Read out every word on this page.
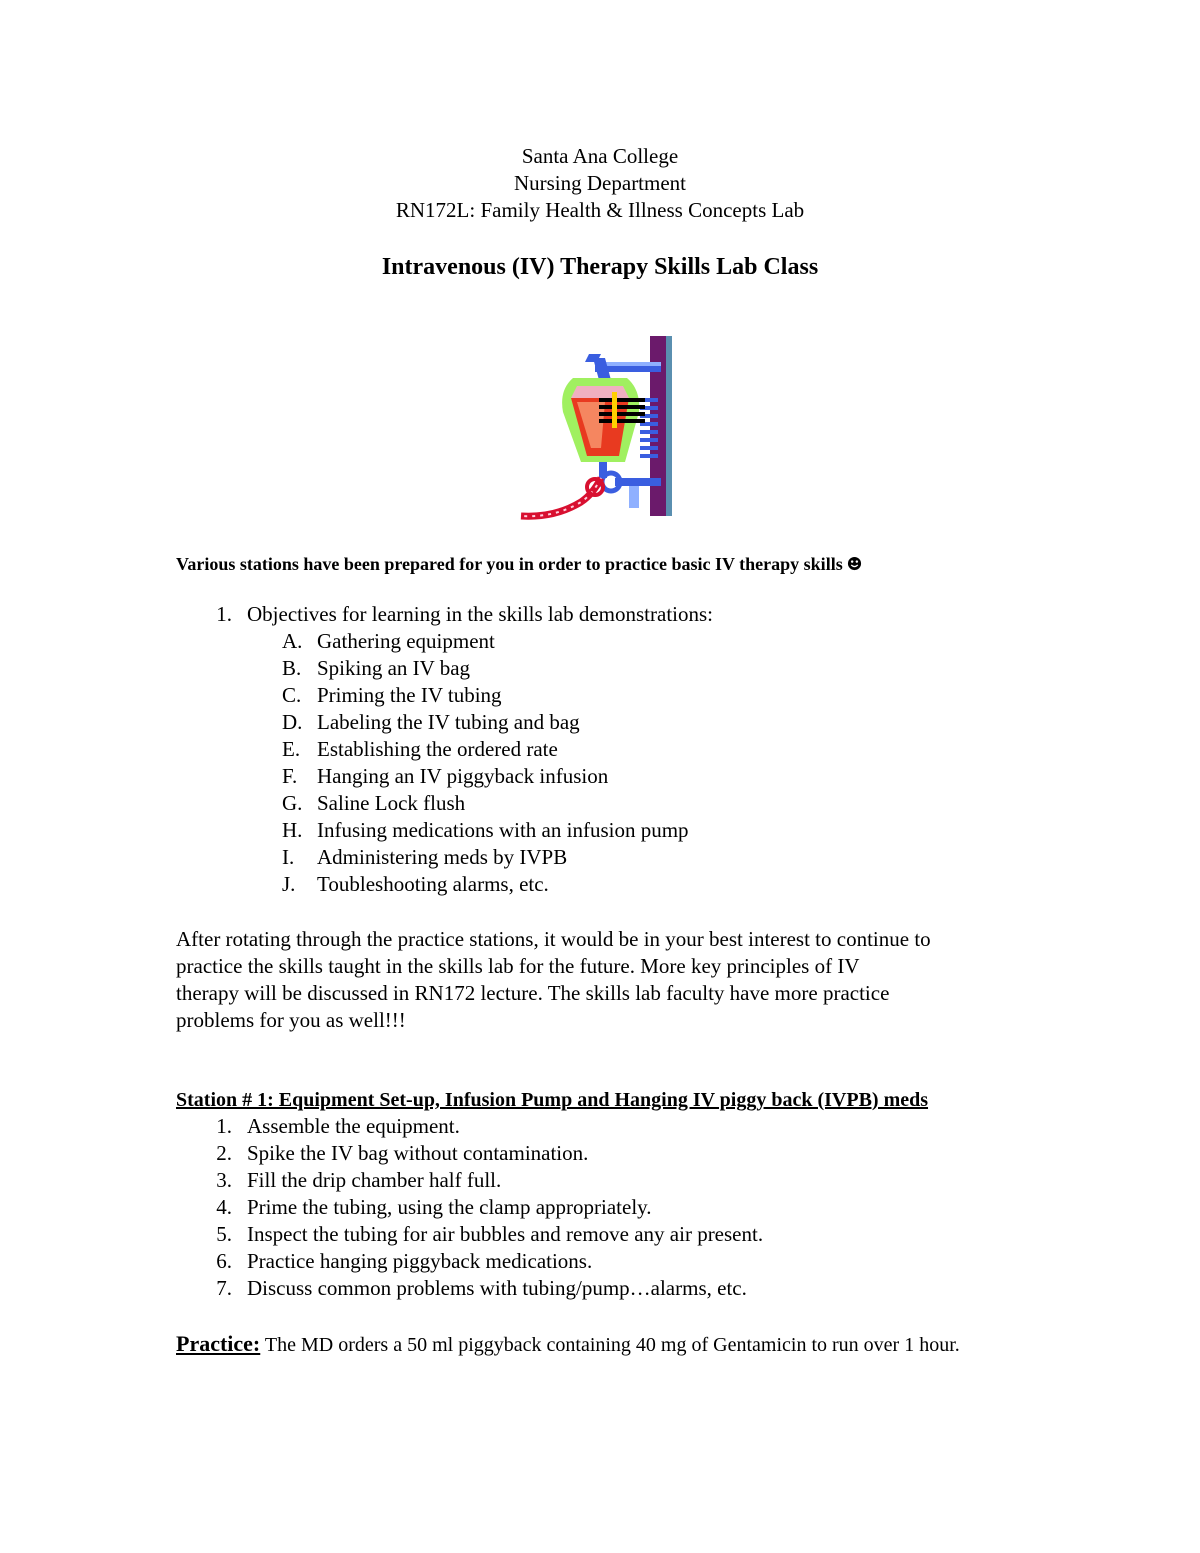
Santa Ana College
Nursing Department
RN172L: Family Health & Illness Concepts Lab
Intravenous (IV) Therapy Skills Lab Class
Various stations have been prepared for you in order to practice basic IV therapy skills
1. Objectives for learning in the skills lab demonstrations:
A. Gathering equipment
B. Spiking an IV bag
C. Priming the IV tubing
D. Labeling the IV tubing and bag
E. Establishing the ordered rate
F. Hanging an IV piggyback infusion
G. Saline Lock flush
H. Infusing medications with an infusion pump
I.	Administering meds by IVPB
J.	Toubleshooting alarms, etc.
After rotating through the practice stations, it would be in your best interest to continue to
practice the skills taught in the skills lab for the future. More key principles of IV
therapy will be discussed in RN172 lecture. The skills lab faculty have more practice
problems for you as well!!!
Station # 1: Equipment Set-up, Infusion Pump and Hanging IV piggy back (IVPB) meds
1. Assemble the equipment.
2. Spike the IV bag without contamination.
3. Fill the drip chamber half full.
4. Prime the tubing, using the clamp appropriately.
5. Inspect the tubing for air bubbles and remove any air present.
6. Practice hanging piggyback medications.
7. Discuss common problems with tubing/pump…alarms, etc.
Practice: The MD orders a 50 ml piggyback containing 40 mg of Gentamicin to run over 1 hour.
